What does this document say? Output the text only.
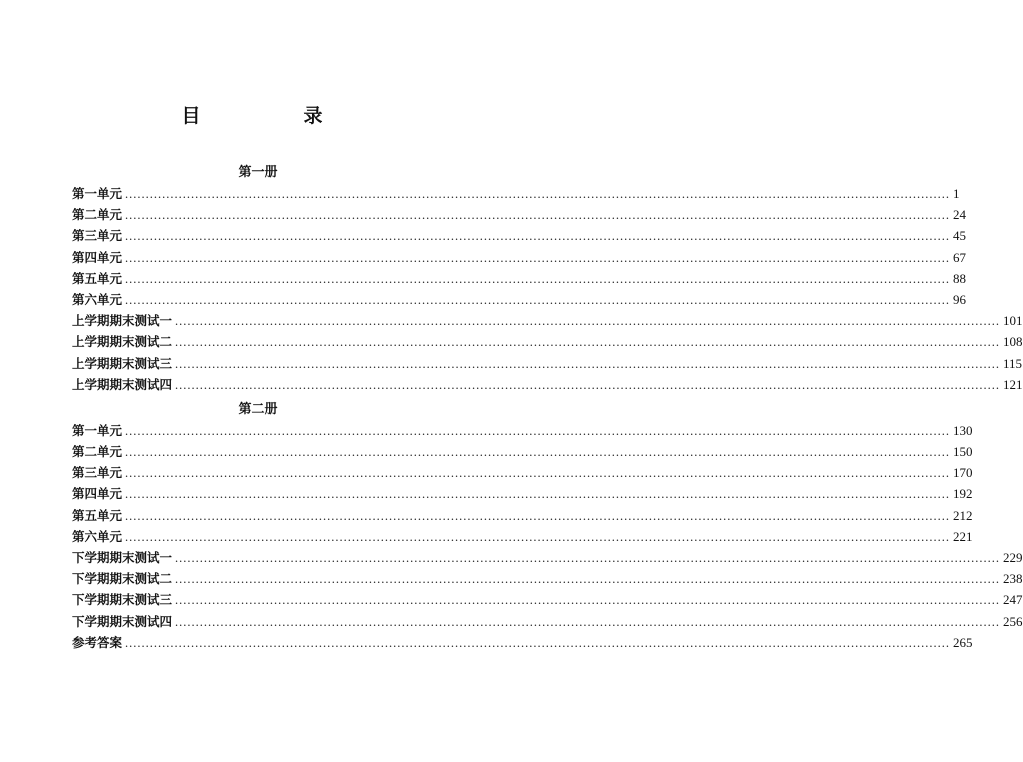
目　录
第一册
第一单元 ........................................................................................................................................................................................................ 1
第二单元 ........................................................................................................................................................................................................ 24
第三单元 ........................................................................................................................................................................................................ 45
第四单元 ........................................................................................................................................................................................................ 67
第五单元 ........................................................................................................................................................................................................ 88
第六单元 ........................................................................................................................................................................................................ 96
上学期期末测试一 ........................................................................................................................................................................................................ 101
上学期期末测试二 ........................................................................................................................................................................................................ 108
上学期期末测试三 ........................................................................................................................................................................................................ 115
上学期期末测试四 ........................................................................................................................................................................................................ 121
第二册
第一单元 ........................................................................................................................................................................................................ 130
第二单元 ........................................................................................................................................................................................................ 150
第三单元 ........................................................................................................................................................................................................ 170
第四单元 ........................................................................................................................................................................................................ 192
第五单元 ........................................................................................................................................................................................................ 212
第六单元 ........................................................................................................................................................................................................ 221
下学期期末测试一 ........................................................................................................................................................................................................ 229
下学期期末测试二 ........................................................................................................................................................................................................ 238
下学期期末测试三 ........................................................................................................................................................................................................ 247
下学期期末测试四 ........................................................................................................................................................................................................ 256
参考答案 ........................................................................................................................................................................................................ 265
